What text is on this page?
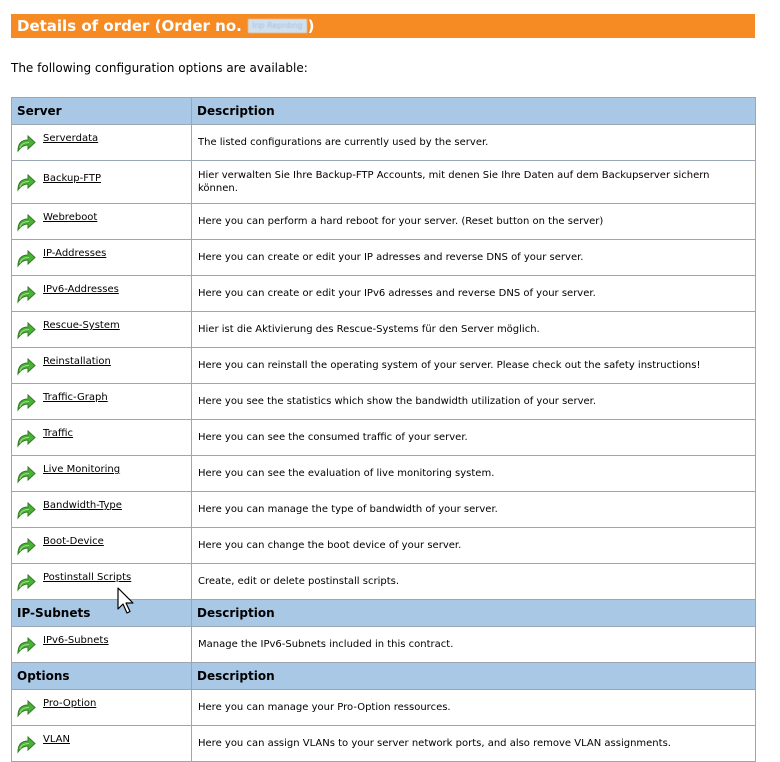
Details of order (Order no. Inp Repnbng )
The following configuration options are available:
Server	Description

Serverdata	The listed configurations are currently used by the server.

Backup-FTP	Hier verwalten Sie Ihre Backup-FTP Accounts, mit denen Sie Ihre Daten auf dem Backupserver sichern können.

Webreboot	Here you can perform a hard reboot for your server. (Reset button on the server)

IP-Addresses	Here you can create or edit your IP adresses and reverse DNS of your server.

IPv6-Addresses	Here you can create or edit your IPv6 adresses and reverse DNS of your server.

Rescue-System	Hier ist die Aktivierung des Rescue-Systems für den Server möglich.

Reinstallation	Here you can reinstall the operating system of your server. Please check out the safety instructions!

Traffic-Graph	Here you see the statistics which show the bandwidth utilization of your server.

Traffic	Here you can see the consumed traffic of your server.

Live Monitoring	Here you can see the evaluation of live monitoring system.

Bandwidth-Type	Here you can manage the type of bandwidth of your server.

Boot-Device	Here you can change the boot device of your server.

Postinstall Scripts	Create, edit or delete postinstall scripts.
IP-Subnets	Description

IPv6-Subnets	Manage the IPv6-Subnets included in this contract.
Options	Description

Pro-Option	Here you can manage your Pro-Option ressources.

VLAN	Here you can assign VLANs to your server network ports, and also remove VLAN assignments.
